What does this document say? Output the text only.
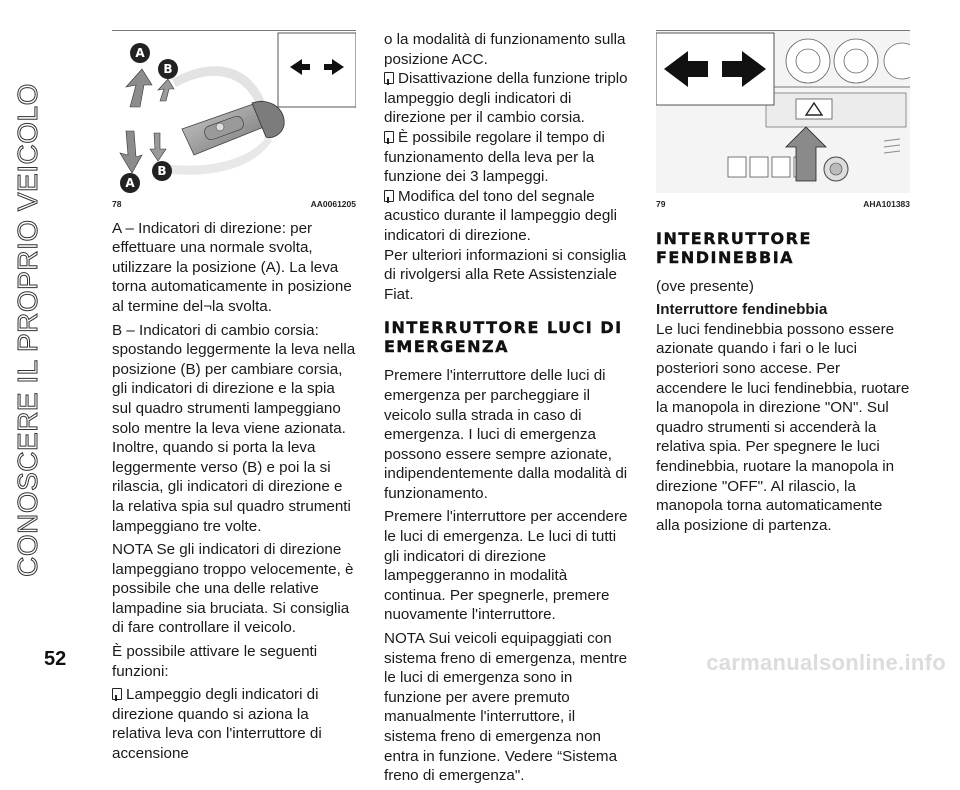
CONOSCERE IL PROPRIO VEICOLO
A
B
A
B
78	AA0061205

A – Indicatori di direzione: per effettuare una normale svolta, utilizzare la posizione (A). La leva torna automaticamente in posizione al termine del¬la svolta.

B – Indicatori di cambio corsia: spostando leggermente la leva nella posizione (B) per cambiare corsia, gli indicatori di direzione e la spia sul quadro strumenti lampeggiano solo mentre la leva viene azionata. Inoltre, quando si porta la leva leggermente verso (B) e poi la si rilascia, gli indicatori di direzione e la relativa spia sul quadro strumenti lampeggiano tre volte.

NOTA Se gli indicatori di direzione lampeggiano troppo velocemente, è possibile che una delle relative lampadine sia bruciata. Si consiglia di fare controllare il veicolo.

È possibile attivare le seguenti funzioni:

Lampeggio degli indicatori di direzione quando si aziona la relativa leva con l'interruttore di accensione

o la modalità di funzionamento sulla posizione ACC.

Disattivazione della funzione triplo lampeggio degli indicatori di direzione per il cambio corsia.

È possibile regolare il tempo di funzionamento della leva per la funzione dei 3 lampeggi.

Modifica del tono del segnale acustico durante il lampeggio degli indicatori di direzione.

Per ulteriori informazioni si consiglia di rivolgersi alla Rete Assistenziale Fiat.

INTERRUTTORE LUCI DI EMERGENZA

Premere l'interruttore delle luci di emergenza per parcheggiare il veicolo sulla strada in caso di emergenza. I luci di emergenza possono essere sempre azionate, indipendentemente dalla modalità di funzionamento.

Premere l'interruttore per accendere le luci di emergenza. Le luci di tutti gli indicatori di direzione lampeggeranno in modalità continua. Per spegnerle, premere nuovamente l'interruttore.

NOTA Sui veicoli equipaggiati con sistema freno di emergenza, mentre le luci di emergenza sono in funzione per avere premuto manualmente l'interruttore, il sistema freno di emergenza non entra in funzione. Vedere “Sistema freno di emergenza".

79	AHA101383
INTERRUTTORE FENDINEBBIA

(ove presente)

Interruttore fendinebbia

Le luci fendinebbia possono essere azionate quando i fari o le luci posteriori sono accese. Per accendere le luci fendinebbia, ruotare la manopola in direzione "ON". Sul quadro strumenti si accenderà la relativa spia. Per spegnere le luci fendinebbia, ruotare la manopola in direzione "OFF". Al rilascio, la manopola torna automaticamente alla posizione di partenza.

52	carmanualsonline.info
